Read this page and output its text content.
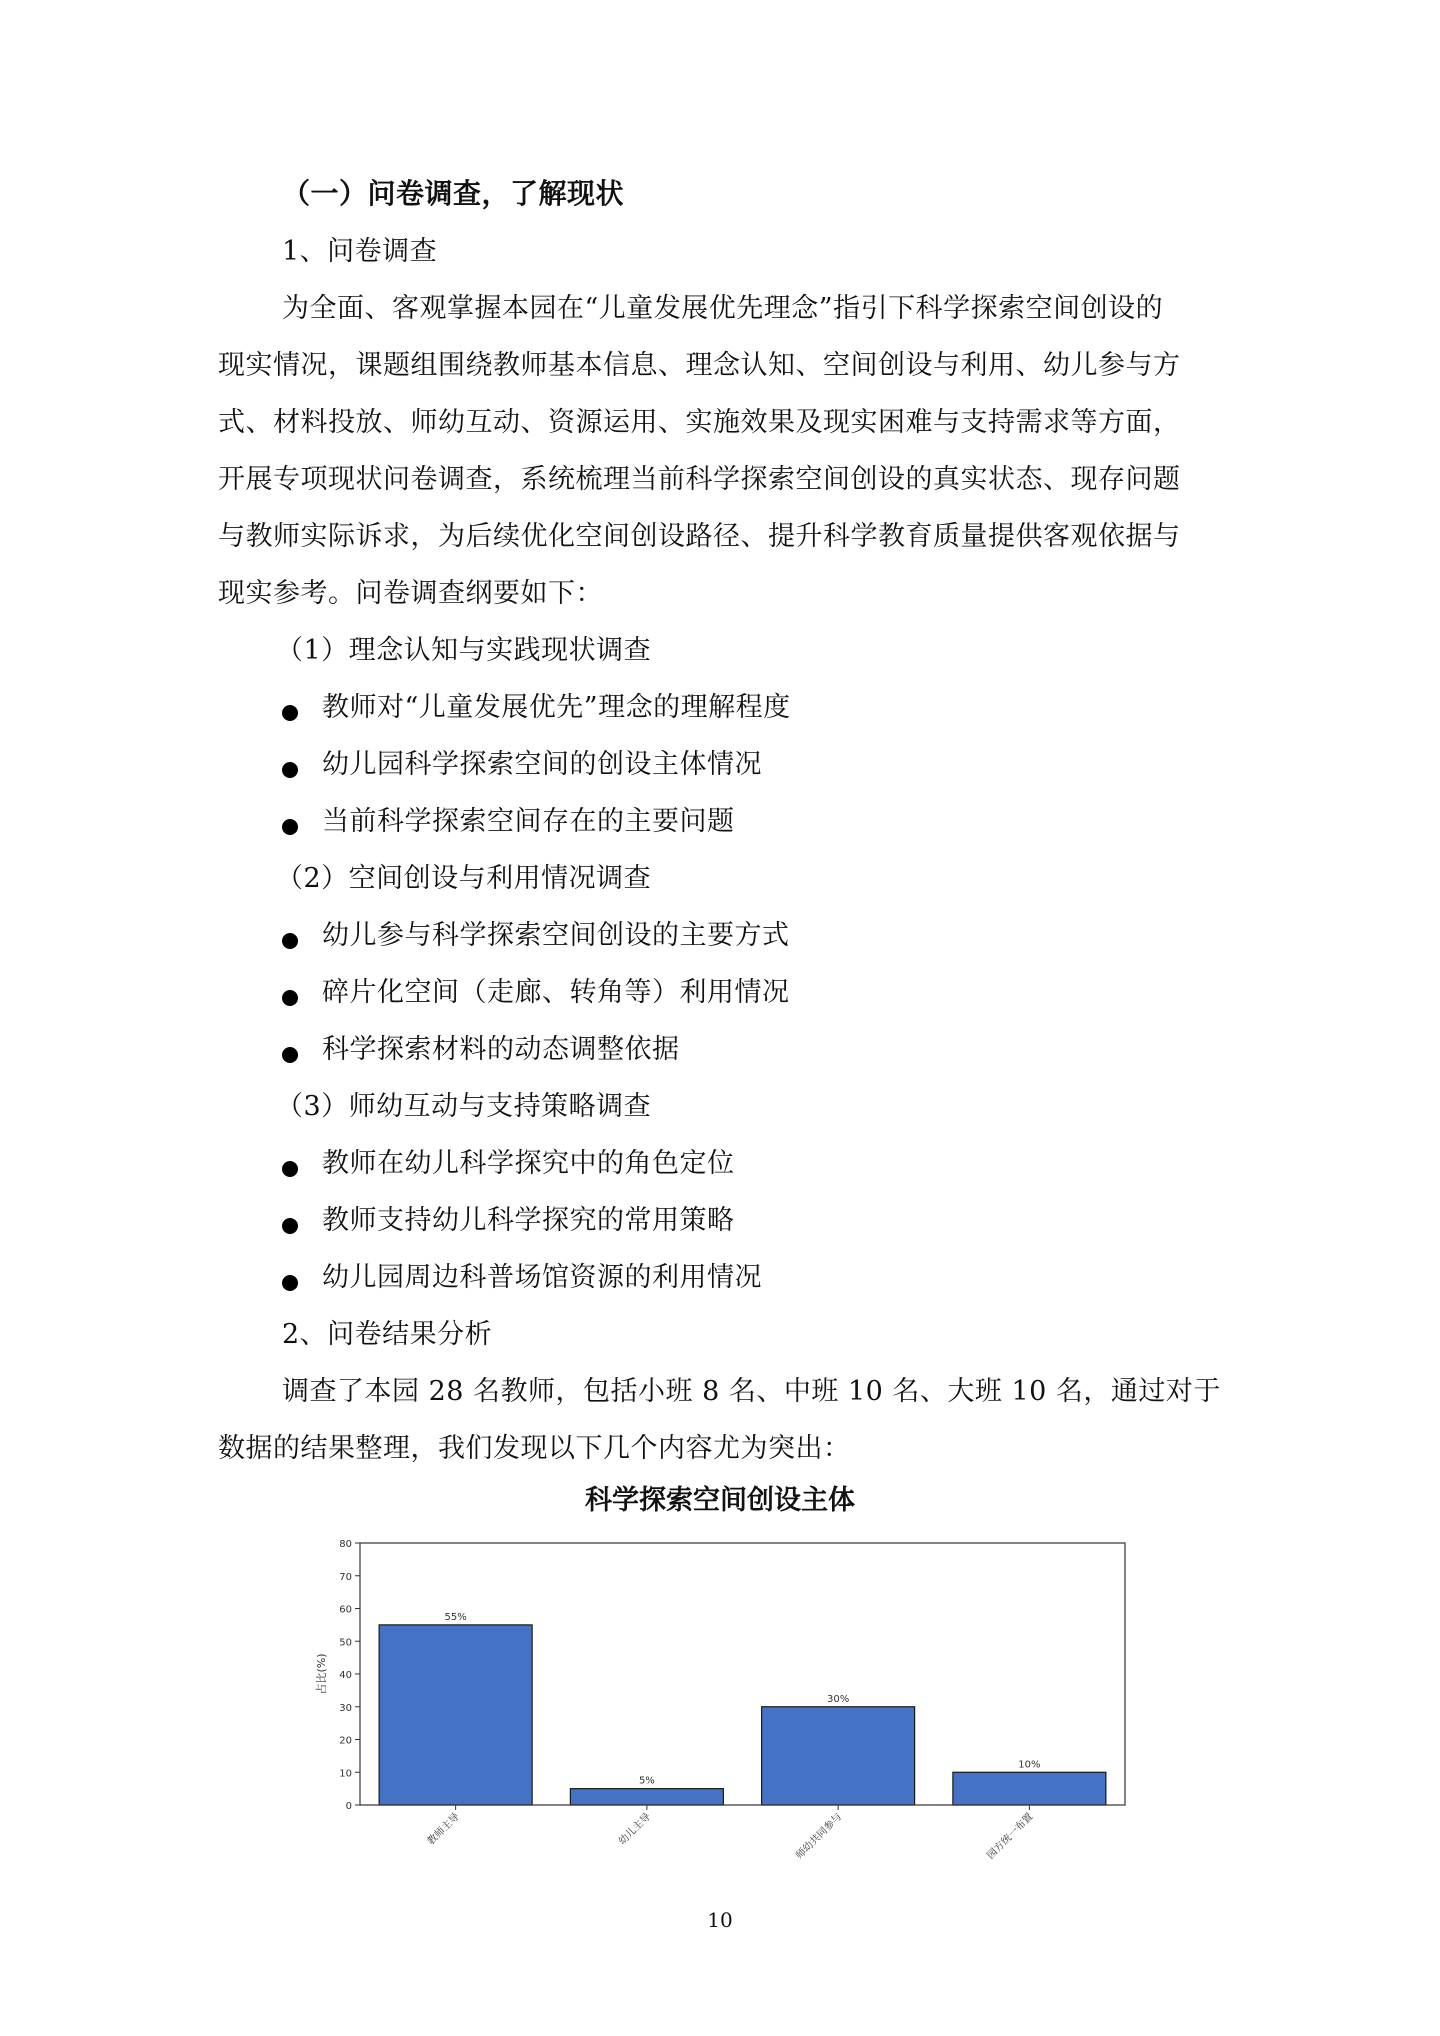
（一）问卷调查，了解现状

1、问卷调查

为全面、客观掌握本园在“儿童发展优先理念”指引下科学探索空间创设的

现实情况，课题组围绕教师基本信息、理念认知、空间创设与利用、幼儿参与方

式、材料投放、师幼互动、资源运用、实施效果及现实困难与支持需求等方面，

开展专项现状问卷调查，系统梳理当前科学探索空间创设的真实状态、现存问题

与教师实际诉求，为后续优化空间创设路径、提升科学教育质量提供客观依据与

现实参考。问卷调查纲要如下：

（1）理念认知与实践现状调查

教师对“儿童发展优先”理念的理解程度

幼儿园科学探索空间的创设主体情况

当前科学探索空间存在的主要问题

（2）空间创设与利用情况调查

幼儿参与科学探索空间创设的主要方式

碎片化空间（走廊、转角等）利用情况

科学探索材料的动态调整依据

（3）师幼互动与支持策略调查

教师在幼儿科学探究中的角色定位

教师支持幼儿科学探究的常用策略

幼儿园周边科普场馆资源的利用情况

2、问卷结果分析

调查了本园 28 名教师，包括小班 8 名、中班 10 名、大班 10 名，通过对于

数据的结果整理，我们发现以下几个内容尤为突出：

科学探索空间创设主体
0
10
20
30
40
50
60
70
80
占比(%)
55%
教师主导
5%
幼儿主导
30%
师幼共同参与
10%
园方统一布置
10
